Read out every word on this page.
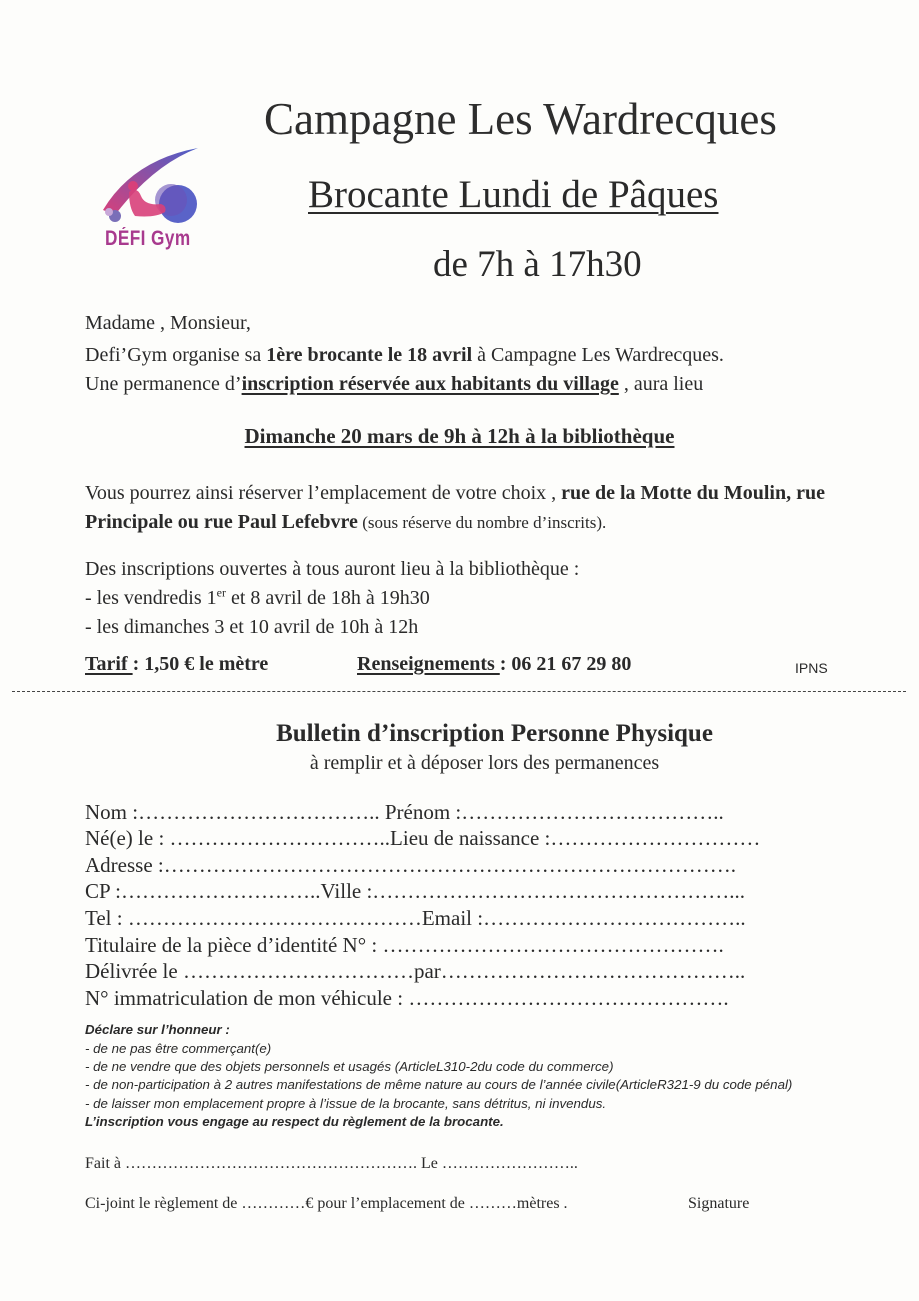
DÉFI Gym
Campagne Les Wardrecques
Brocante Lundi de Pâques
de 7h à 17h30
Madame , Monsieur,
Defi’Gym organise sa 1ère brocante le 18 avril à Campagne Les Wardrecques.
Une permanence d’inscription réservée aux habitants du village , aura lieu
Dimanche 20 mars de 9h à 12h à la bibliothèque
Vous pourrez ainsi réserver l’emplacement de votre choix , rue de la Motte du Moulin, rue Principale ou rue Paul Lefebvre (sous réserve du nombre d’inscrits).
Des inscriptions ouvertes à tous auront lieu à la bibliothèque :
- les vendredis 1er et 8 avril de 18h à 19h30
- les dimanches 3 et 10 avril de 10h à 12h
Tarif : 1,50 € le mètre	Renseignements : 06 21 67 29 80	IPNS
Bulletin d’inscription Personne Physique
à remplir et à déposer lors des permanences
Nom :…………………………….. Prénom :………………………………..
Né(e) le : …………………………..Lieu de naissance :…………………………
Adresse :……………………………………………………………………….
CP :………………………..Ville :……………………………………………...
Tel : ……………………………………Email :………………………………..
Titulaire de la pièce d’identité N° : ………………………………………….
Délivrée le ……………………………par……………………………………..
N° immatriculation de mon véhicule : ……………………………………….
Déclare sur l’honneur :
- de ne pas être commerçant(e)
- de ne vendre que des objets personnels et usagés (ArticleL310-2du code du commerce)
- de non-participation à 2 autres manifestations de même nature au cours de l’année civile(ArticleR321-9 du code pénal)
- de laisser mon emplacement propre à l’issue de la brocante, sans détritus, ni invendus.
L’inscription vous engage au respect du règlement de la brocante.
Fait à ………………………………………………. Le ……………………..
Ci-joint le règlement de …………€ pour l’emplacement de ………mètres .	Signature
